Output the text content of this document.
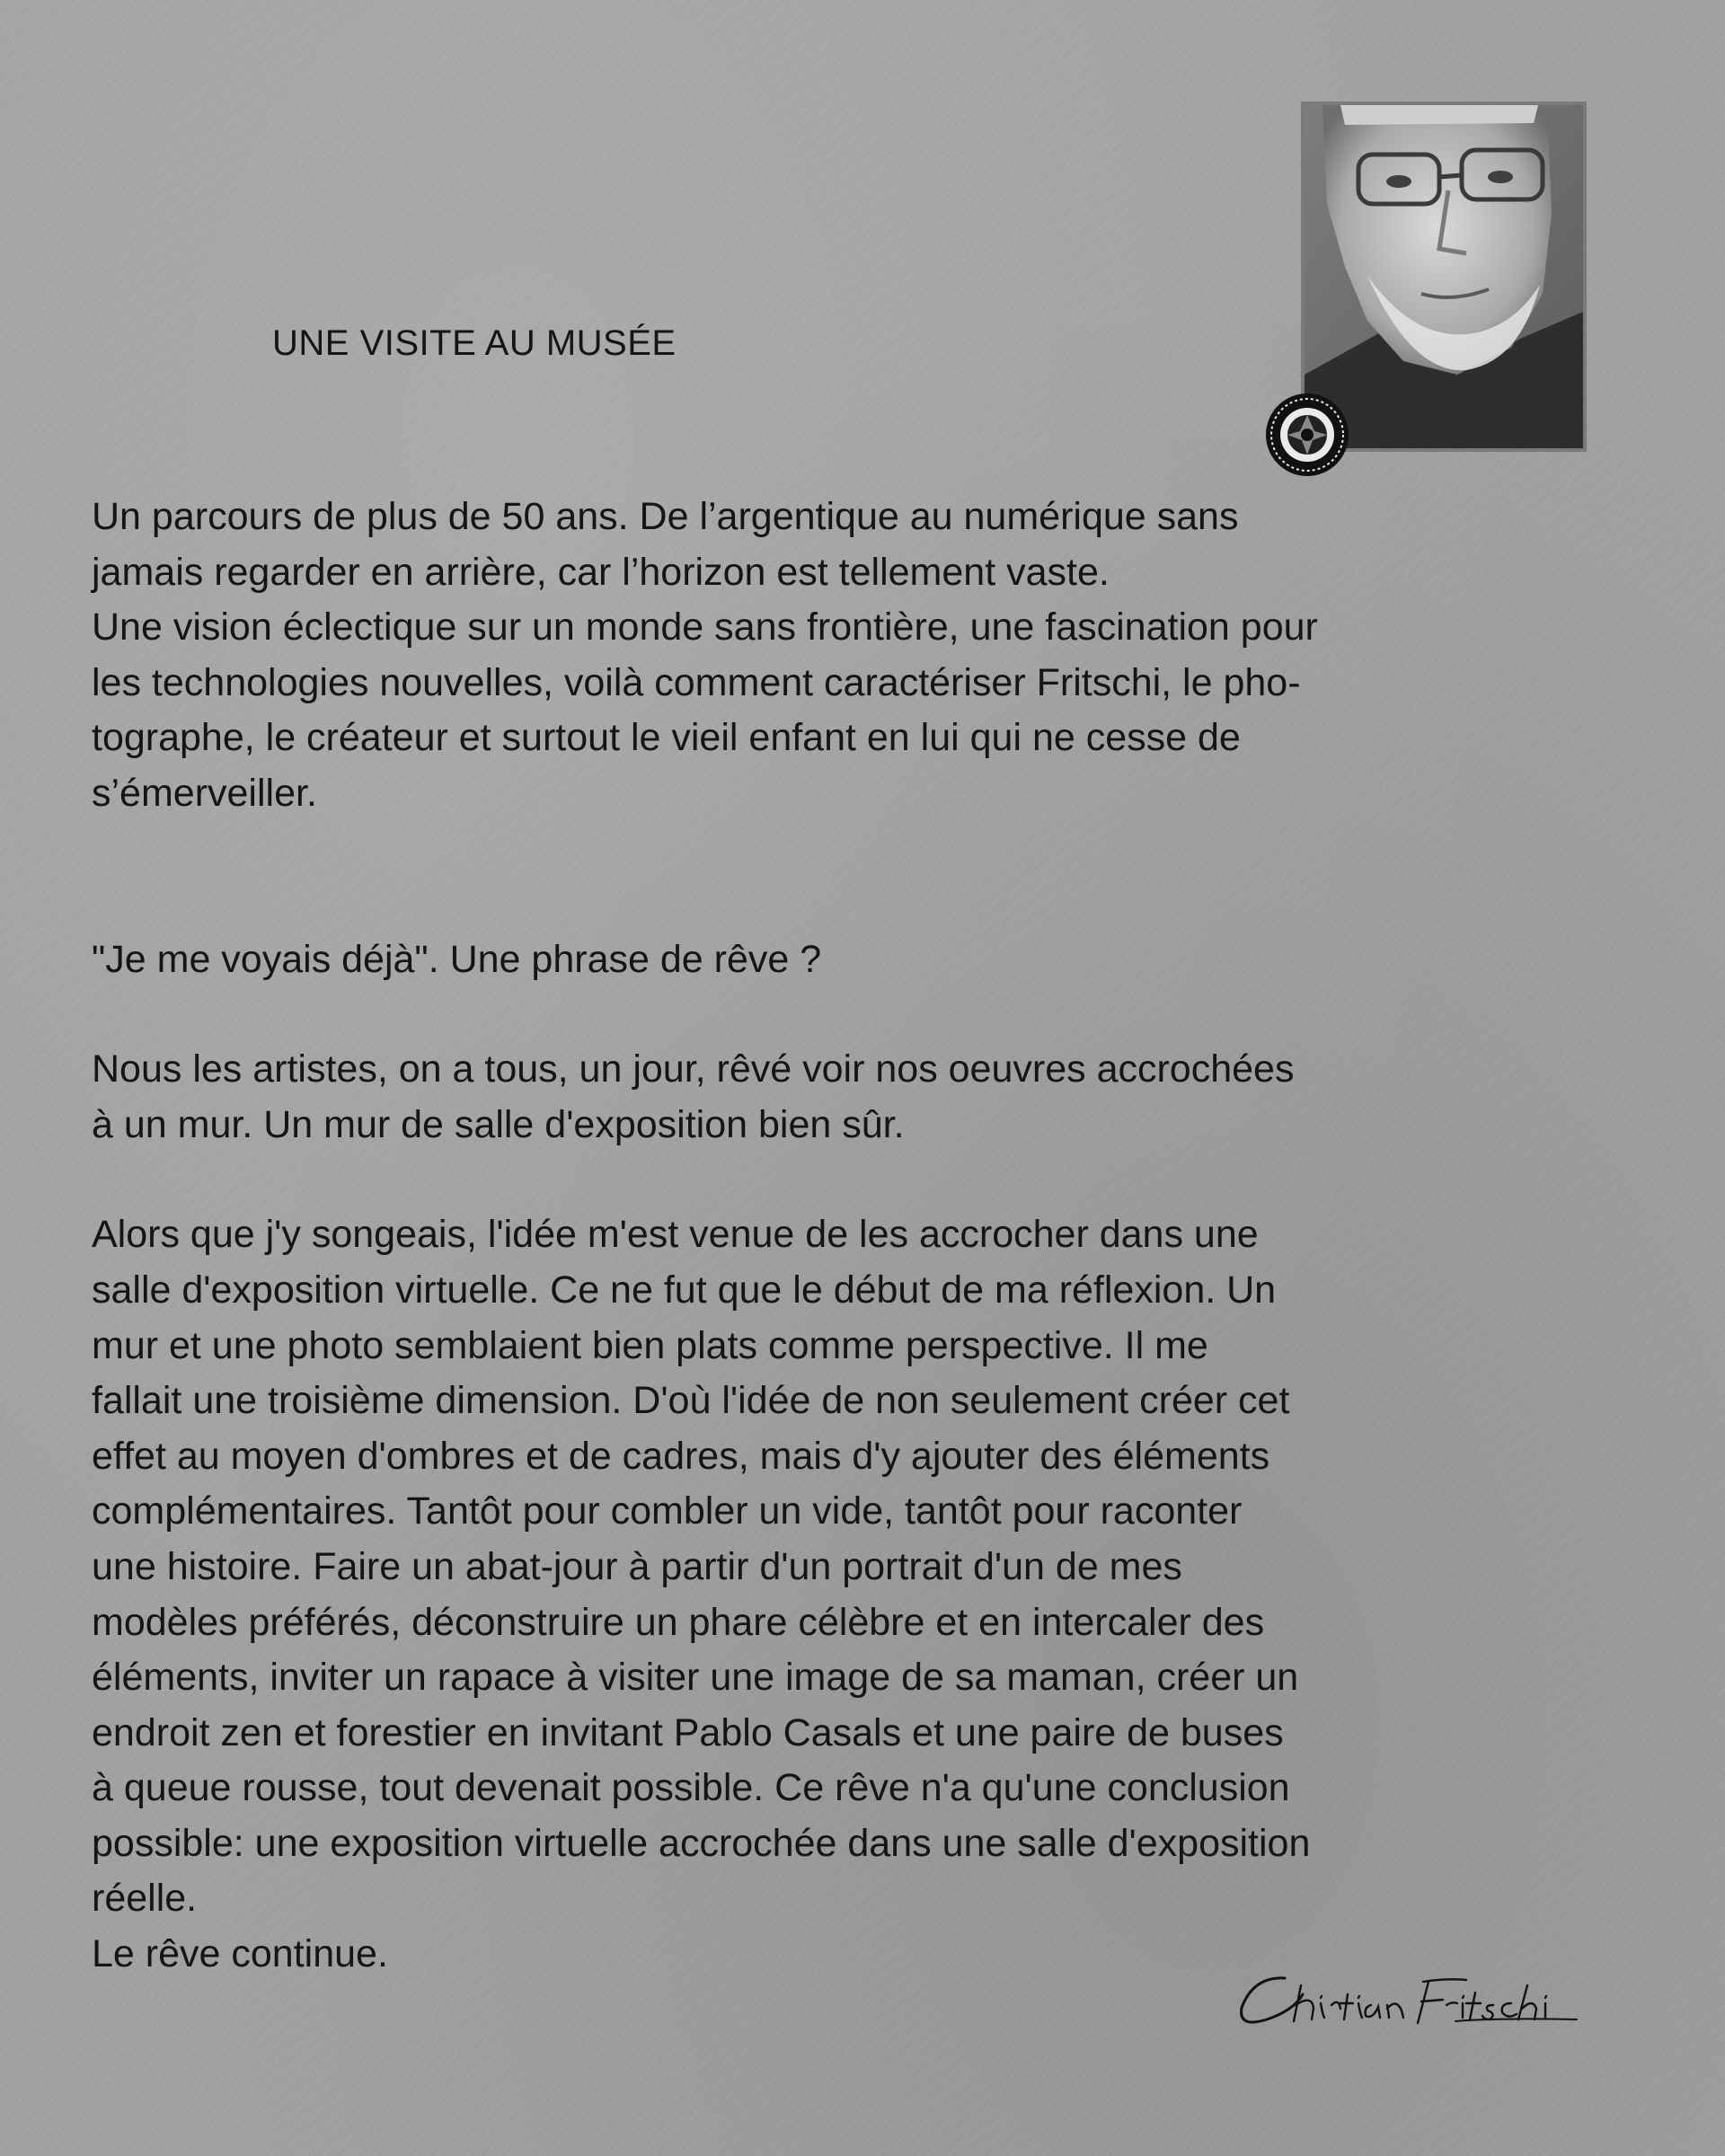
UNE VISITE AU MUSÉE

Un parcours de plus de 50 ans. De l’argentique au numérique sans
jamais regarder en arrière, car l’horizon est tellement vaste.
Une vision éclectique sur un monde sans frontière, une fascination pour
les technologies nouvelles, voilà comment caractériser Fritschi, le pho-
tographe, le créateur et surtout le vieil enfant en lui qui ne cesse de
s’émerveiller.

"Je me voyais déjà". Une phrase de rêve ?

Nous les artistes, on a tous, un jour, rêvé voir nos oeuvres accrochées
à un mur. Un mur de salle d'exposition bien sûr.

Alors que j'y songeais, l'idée m'est venue de les accrocher dans une
salle d'exposition virtuelle. Ce ne fut que le début de ma réflexion. Un
mur et une photo semblaient bien plats comme perspective. Il me
fallait une troisième dimension. D'où l'idée de non seulement créer cet
effet au moyen d'ombres et de cadres, mais d'y ajouter des éléments
complémentaires. Tantôt pour combler un vide, tantôt pour raconter
une histoire. Faire un abat-jour à partir d'un portrait d'un de mes
modèles préférés, déconstruire un phare célèbre et en intercaler des
éléments, inviter un rapace à visiter une image de sa maman, créer un
endroit zen et forestier en invitant Pablo Casals et une paire de buses
à queue rousse, tout devenait possible. Ce rêve n'a qu'une conclusion
possible: une exposition virtuelle accrochée dans une salle d'exposition
réelle.
Le rêve continue.
